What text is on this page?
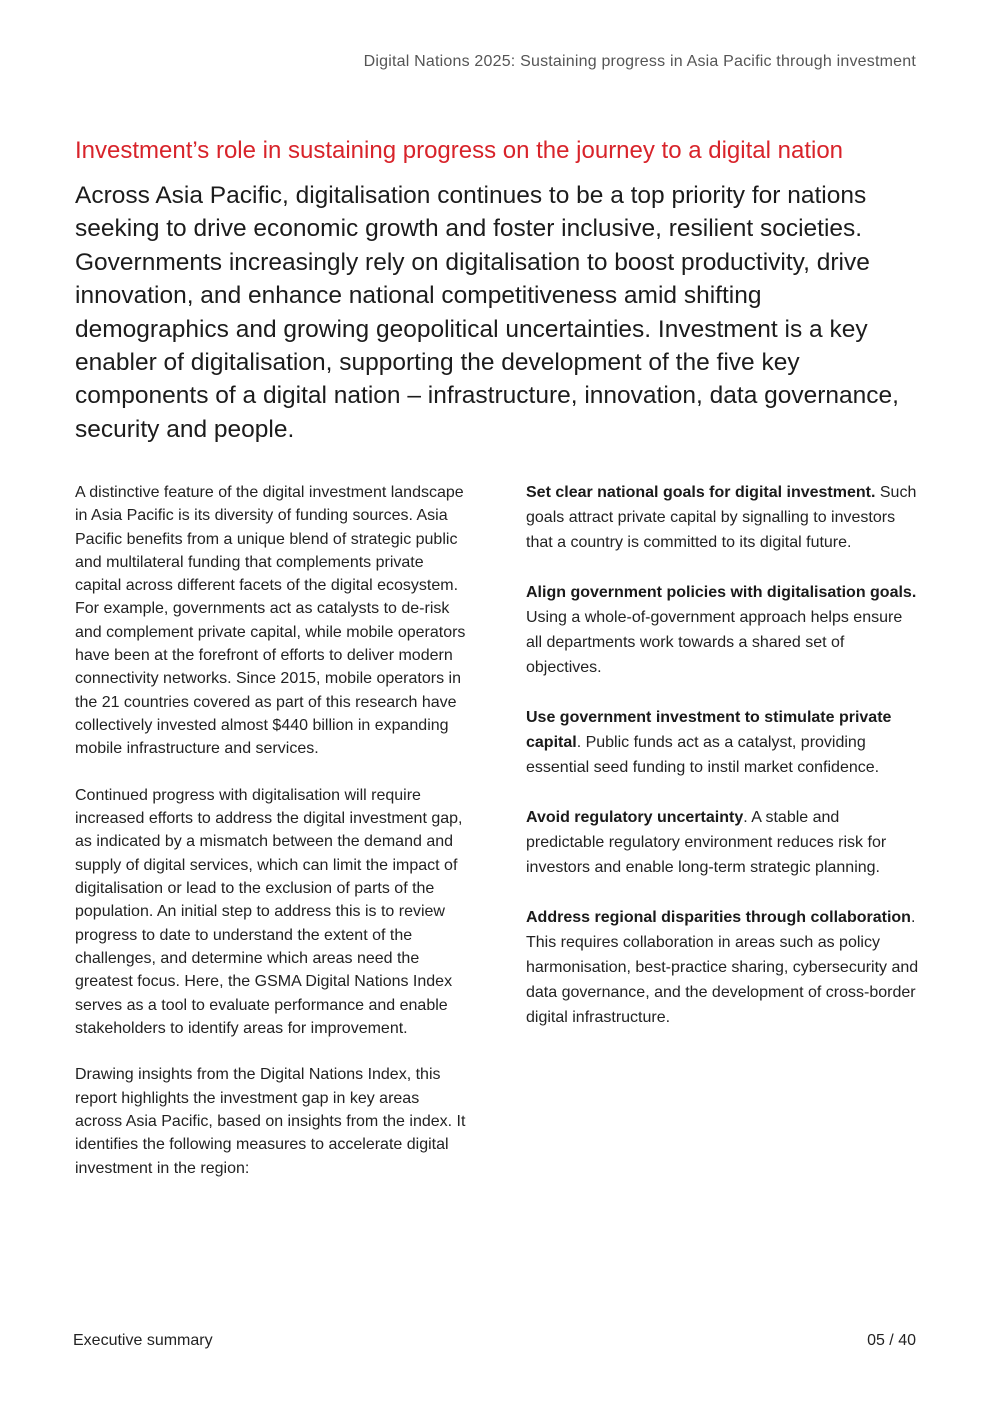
Digital Nations 2025: Sustaining progress in Asia Pacific through investment
Investment’s role in sustaining progress on the journey to a digital nation

Across Asia Pacific, digitalisation continues to be a top priority for nations seeking to drive economic growth and foster inclusive, resilient societies. Governments increasingly rely on digitalisation to boost productivity, drive innovation, and enhance national competitiveness amid shifting demographics and growing geopolitical uncertainties. Investment is a key enabler of digitalisation, supporting the development of the five key components of a digital nation – infrastructure, innovation, data governance, security and people.

A distinctive feature of the digital investment landscape in Asia Pacific is its diversity of funding sources. Asia Pacific benefits from a unique blend of strategic public and multilateral funding that complements private capital across different facets of the digital ecosystem. For example, governments act as catalysts to de-risk and complement private capital, while mobile operators have been at the forefront of efforts to deliver modern connectivity networks. Since 2015, mobile operators in the 21 countries covered as part of this research have collectively invested almost $440 billion in expanding mobile infrastructure and services.

Continued progress with digitalisation will require increased efforts to address the digital investment gap, as indicated by a mismatch between the demand and supply of digital services, which can limit the impact of digitalisation or lead to the exclusion of parts of the population. An initial step to address this is to review progress to date to understand the extent of the challenges, and determine which areas need the greatest focus. Here, the GSMA Digital Nations Index serves as a tool to evaluate performance and enable stakeholders to identify areas for improvement.

Drawing insights from the Digital Nations Index, this report highlights the investment gap in key areas across Asia Pacific, based on insights from the index. It identifies the following measures to accelerate digital investment in the region:

Set clear national goals for digital investment. Such goals attract private capital by signalling to investors that a country is committed to its digital future.

Align government policies with digitalisation goals. Using a whole-of-government approach helps ensure all departments work towards a shared set of objectives.

Use government investment to stimulate private capital. Public funds act as a catalyst, providing essential seed funding to instil market confidence.

Avoid regulatory uncertainty. A stable and predictable regulatory environment reduces risk for investors and enable long-term strategic planning.

Address regional disparities through collaboration. This requires collaboration in areas such as policy harmonisation, best-practice sharing, cybersecurity and data governance, and the development of cross-border digital infrastructure.

Executive summary	05 / 40
